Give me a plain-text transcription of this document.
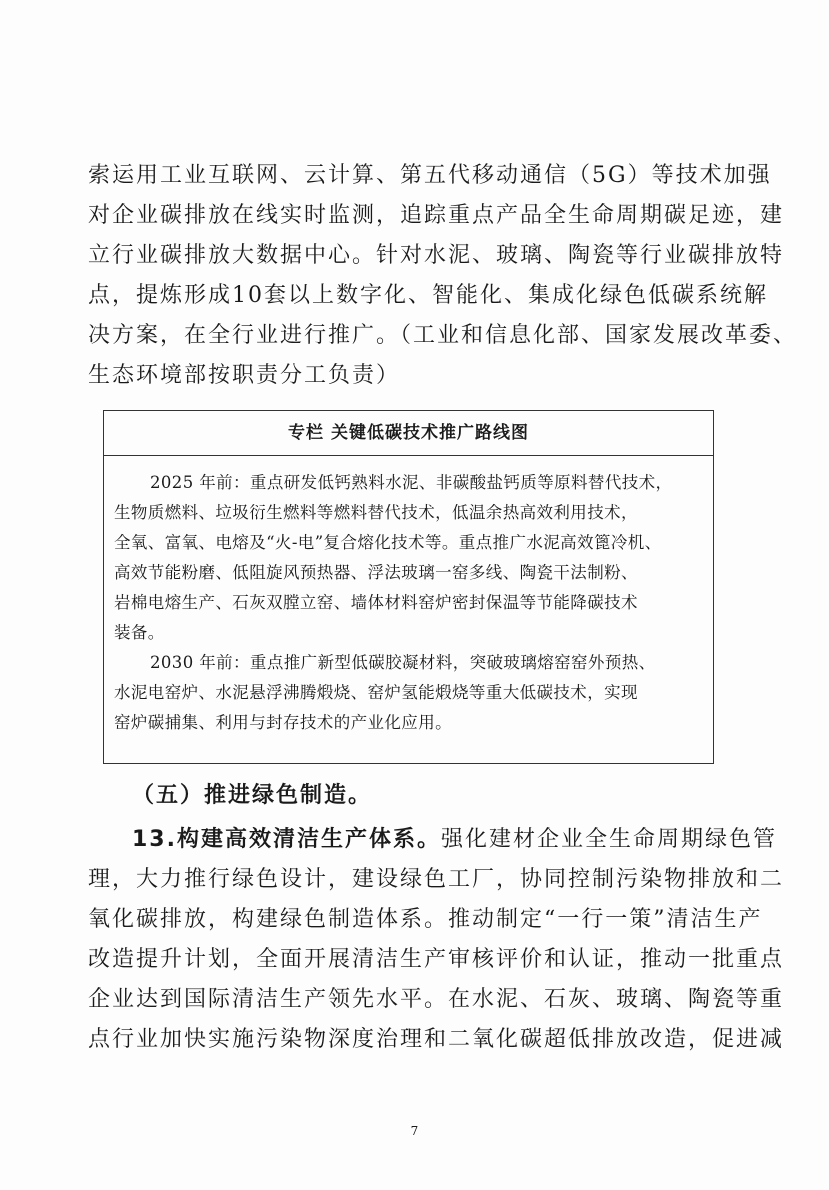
索运用工业互联网、云计算、第五代移动通信（5G）等技术加强
对企业碳排放在线实时监测，追踪重点产品全生命周期碳足迹，建
立行业碳排放大数据中心。针对水泥、玻璃、陶瓷等行业碳排放特
点，提炼形成10套以上数字化、智能化、集成化绿色低碳系统解
决方案，在全行业进行推广。（工业和信息化部、国家发展改革委、
生态环境部按职责分工负责）
专栏 关键低碳技术推广路线图
2025 年前：重点研发低钙熟料水泥、非碳酸盐钙质等原料替代技术，
生物质燃料、垃圾衍生燃料等燃料替代技术，低温余热高效利用技术，
全氧、富氧、电熔及“火-电”复合熔化技术等。重点推广水泥高效篦冷机、
高效节能粉磨、低阻旋风预热器、浮法玻璃一窑多线、陶瓷干法制粉、
岩棉电熔生产、石灰双膛立窑、墙体材料窑炉密封保温等节能降碳技术
装备。
2030 年前：重点推广新型低碳胶凝材料，突破玻璃熔窑窑外预热、
水泥电窑炉、水泥悬浮沸腾煅烧、窑炉氢能煅烧等重大低碳技术，实现
窑炉碳捕集、利用与封存技术的产业化应用。
（五）推进绿色制造。
13.构建高效清洁生产体系。强化建材企业全生命周期绿色管
理，大力推行绿色设计，建设绿色工厂，协同控制污染物排放和二
氧化碳排放，构建绿色制造体系。推动制定“一行一策”清洁生产
改造提升计划，全面开展清洁生产审核评价和认证，推动一批重点
企业达到国际清洁生产领先水平。在水泥、石灰、玻璃、陶瓷等重
点行业加快实施污染物深度治理和二氧化碳超低排放改造，促进减
7
